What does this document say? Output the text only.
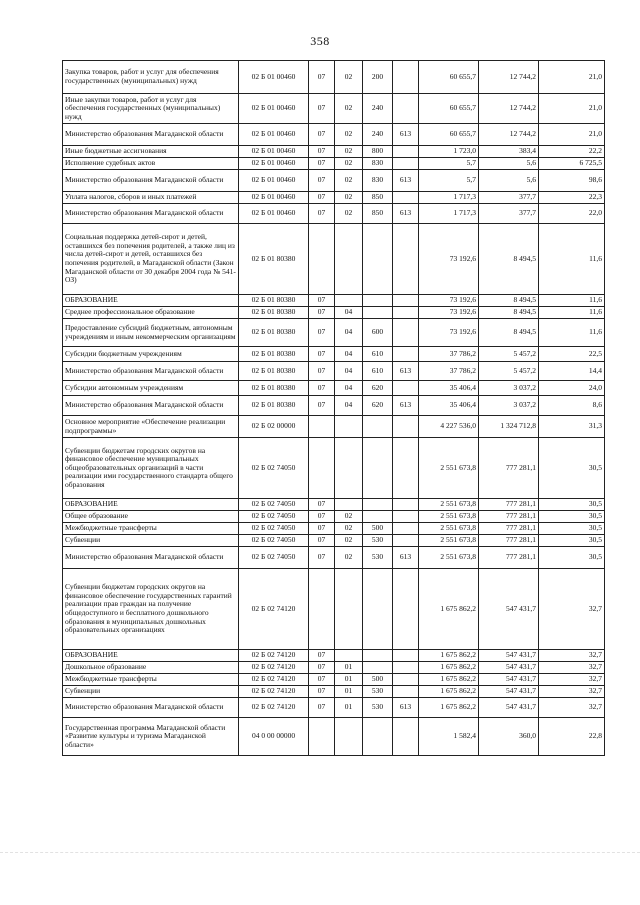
358
Закупка товаров, работ и услуг для обеспечения государственных (муниципальных) нужд	02 Б 01 00460	07	02	200		60 655,7	12 744,2	21,0
Иные закупки товаров, работ и услуг для обеспечения государственных (муниципальных) нужд	02 Б 01 00460	07	02	240		60 655,7	12 744,2	21,0
Министерство образования Магаданской области	02 Б 01 00460	07	02	240	613	60 655,7	12 744,2	21,0
Иные бюджетные ассигнования	02 Б 01 00460	07	02	800		1 723,0	383,4	22,2
Исполнение судебных актов	02 Б 01 00460	07	02	830		5,7	5,6	6 725,5
Министерство образования Магаданской области	02 Б 01 00460	07	02	830	613	5,7	5,6	98,6
Уплата налогов, сборов и иных платежей	02 Б 01 00460	07	02	850		1 717,3	377,7	22,3
Министерство образования Магаданской области	02 Б 01 00460	07	02	850	613	1 717,3	377,7	22,0
Социальная поддержка детей-сирот и детей, оставшихся без попечения родителей, а также лиц из числа детей-сирот и детей, оставшихся без попечения родителей, в Магаданской области (Закон Магаданской области от 30 декабря 2004 года № 541-ОЗ)	02 Б 01 80380					73 192,6	8 494,5	11,6
ОБРАЗОВАНИЕ	02 Б 01 80380	07				73 192,6	8 494,5	11,6
Среднее профессиональное образование	02 Б 01 80380	07	04			73 192,6	8 494,5	11,6
Предоставление субсидий бюджетным, автономным учреждениям и иным некоммерческим организациям	02 Б 01 80380	07	04	600		73 192,6	8 494,5	11,6
Субсидии бюджетным учреждениям	02 Б 01 80380	07	04	610		37 786,2	5 457,2	22,5
Министерство образования Магаданской области	02 Б 01 80380	07	04	610	613	37 786,2	5 457,2	14,4
Субсидии автономным учреждениям	02 Б 01 80380	07	04	620		35 406,4	3 037,2	24,0
Министерство образования Магаданской области	02 Б 01 80380	07	04	620	613	35 406,4	3 037,2	8,6
Основное мероприятие «Обеспечение реализации подпрограммы»	02 Б 02 00000					4 227 536,0	1 324 712,8	31,3
Субвенции бюджетам городских округов на финансовое обеспечение муниципальных общеобразовательных организаций в части реализации ими государственного стандарта общего образования	02 Б 02 74050					2 551 673,8	777 281,1	30,5
ОБРАЗОВАНИЕ	02 Б 02 74050	07				2 551 673,8	777 281,1	30,5
Общее образование	02 Б 02 74050	07	02			2 551 673,8	777 281,1	30,5
Межбюджетные трансферты	02 Б 02 74050	07	02	500		2 551 673,8	777 281,1	30,5
Субвенции	02 Б 02 74050	07	02	530		2 551 673,8	777 281,1	30,5
Министерство образования Магаданской области	02 Б 02 74050	07	02	530	613	2 551 673,8	777 281,1	30,5
Субвенции бюджетам городских округов на финансовое обеспечение государственных гарантий реализации прав граждан на получение общедоступного и бесплатного дошкольного образования в муниципальных дошкольных образовательных организациях	02 Б 02 74120					1 675 862,2	547 431,7	32,7
ОБРАЗОВАНИЕ	02 Б 02 74120	07				1 675 862,2	547 431,7	32,7
Дошкольное образование	02 Б 02 74120	07	01			1 675 862,2	547 431,7	32,7
Межбюджетные трансферты	02 Б 02 74120	07	01	500		1 675 862,2	547 431,7	32,7
Субвенции	02 Б 02 74120	07	01	530		1 675 862,2	547 431,7	32,7
Министерство образования Магаданской области	02 Б 02 74120	07	01	530	613	1 675 862,2	547 431,7	32,7
Государственная программа Магаданской области «Развитие культуры и туризма Магаданской области»	04 0 00 00000					1 582,4	360,0	22,8
